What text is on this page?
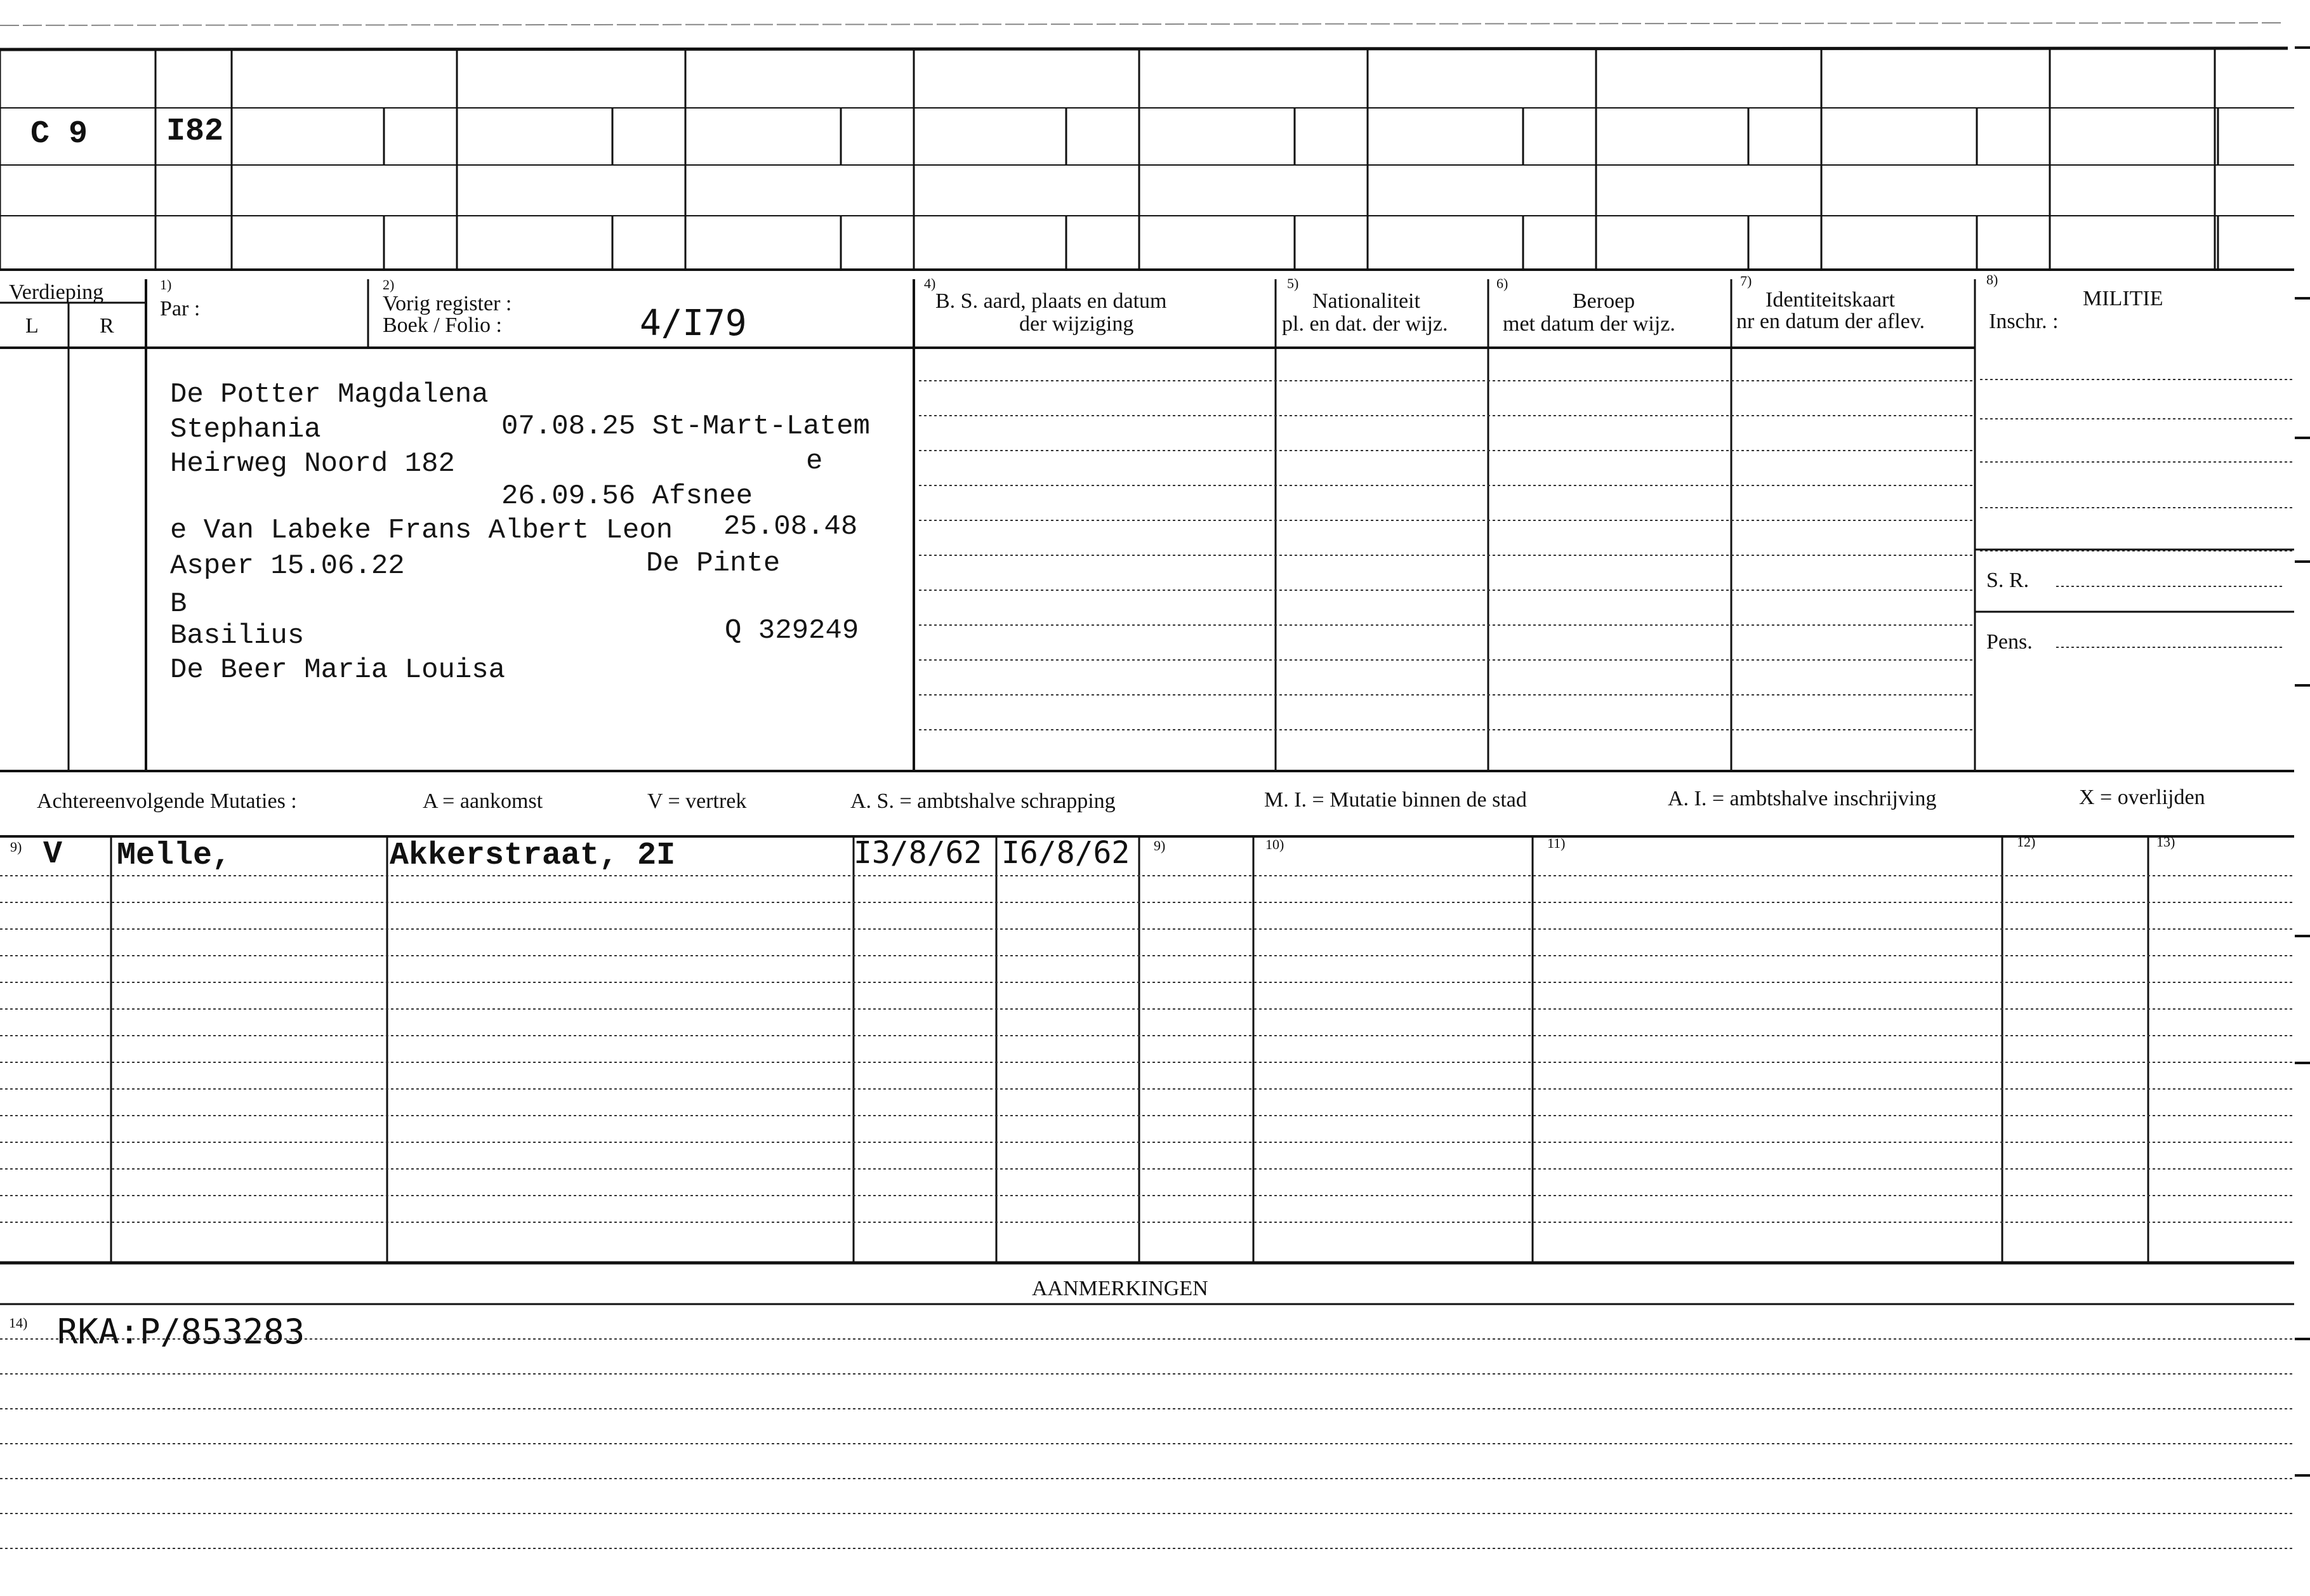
C 9 I82
Verdieping
L	R
1)
Par :
2)
Vorig register :
Boek / Folio :	4/I79
4)
B. S. aard, plaats en datum
der wijziging
5)
Nationaliteit
pl. en dat. der wijz.
6)
Beroep
met datum der wijz.
7)
Identiteitskaart
nr en datum der aflev.
8)
MILITIE
Inschr. :
S. R.
Pens.
De Potter Magdalena
Stephania	07.08.25 St-Mart-Latem
Heirweg Noord 182	e
26.09.56 Afsnee
e Van Labeke Frans Albert Leon 25.08.48
Asper 15.06.22	De Pinte
B
Basilius	Q 329249
De Beer Maria Louisa
Achtereenvolgende Mutaties :	A = aankomst	V = vertrek	A. S. = ambtshalve schrapping	M. I. = Mutatie binnen de stad	A. I. = ambtshalve inschrijving	X = overlijden
9) V Melle,	Akkerstraat, 2I	I3/8/62 I6/8/62 9)	10)	11)	12)	13)
AANMERKINGEN
14) RKA:P/853283
